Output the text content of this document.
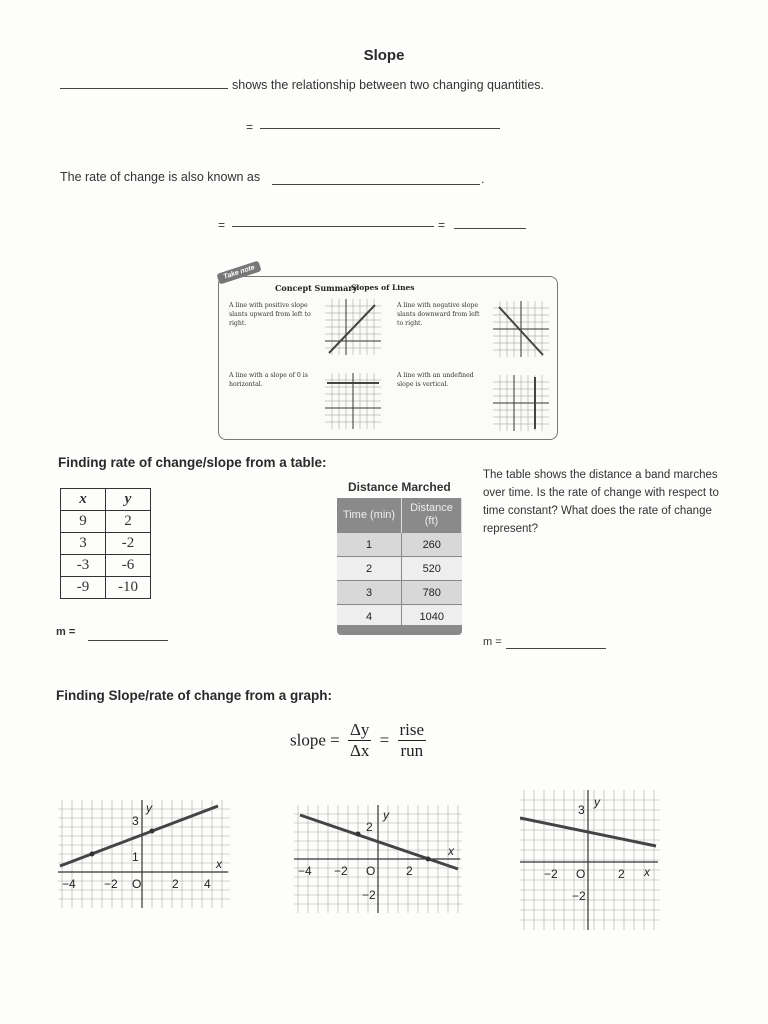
Slope
shows the relationship between two changing quantities.
=
The rate of change is also known as	.
=	=
Take note
Concept Summary
Slopes of Lines
A line with positive slope slants upward from left to right.
A line with negative slope slants downward from left to right.
A line with a slope of 0 is horizontal.
A line with an undefined slope is vertical.
Finding rate of change/slope from a table:
x	y
9	2
3	-2
-3	-6
-9	-10
m =
Distance Marched
Time (min)	Distance (ft)
1	260
2	520
3	780
4	1040
The table shows the distance a band marches over time. Is the rate of change with respect to time constant? What does the rate of change represent?
m =
Finding Slope/rate of change from a graph:
slope = $\frac{\Delta y}{\Delta x} = \frac{\text{rise}}{\text{run}}$
−4 −2 O	2 4
3
1
y
x	−4 −2 O	2
2
−2
y
x
−2 O	2
3
−2
y
x
